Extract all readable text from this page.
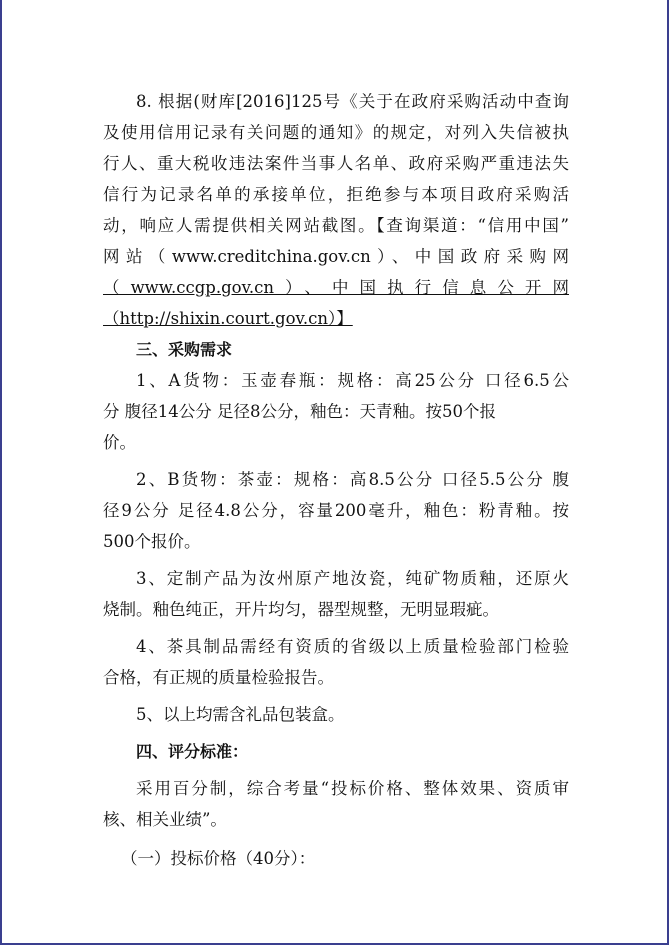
8. 根据(财库[2016]125号《关于在政府采购活动中查询
及使用信用记录有关问题的通知》的规定，对列入失信被执
行人、重大税收违法案件当事人名单、政府采购严重违法失
信行为记录名单的承接单位，拒绝参与本项目政府采购活
动，响应人需提供相关网站截图。【查询渠道：“信用中国”
网站（www.creditchina.gov.cn）、中国政府采购网
（www.ccgp.gov.cn）、中国执行信息公开网
（http://shixin.court.gov.cn）】
三、采购需求
1、A货物：玉壶春瓶：规格：高25公分 口径6.5公
分 腹径14公分 足径8公分，釉色：天青釉。按50个报
价。
2、B货物：茶壶：规格：高8.5公分 口径5.5公分 腹
径9公分 足径4.8公分，容量200毫升，釉色：粉青釉。按
500个报价。
3、定制产品为汝州原产地汝瓷，纯矿物质釉，还原火
烧制。釉色纯正，开片均匀，器型规整，无明显瑕疵。
4、茶具制品需经有资质的省级以上质量检验部门检验
合格，有正规的质量检验报告。
5、以上均需含礼品包装盒。
四、评分标准：
采用百分制，综合考量“投标价格、整体效果、资质审
核、相关业绩”。
（一）投标价格（40分）：
